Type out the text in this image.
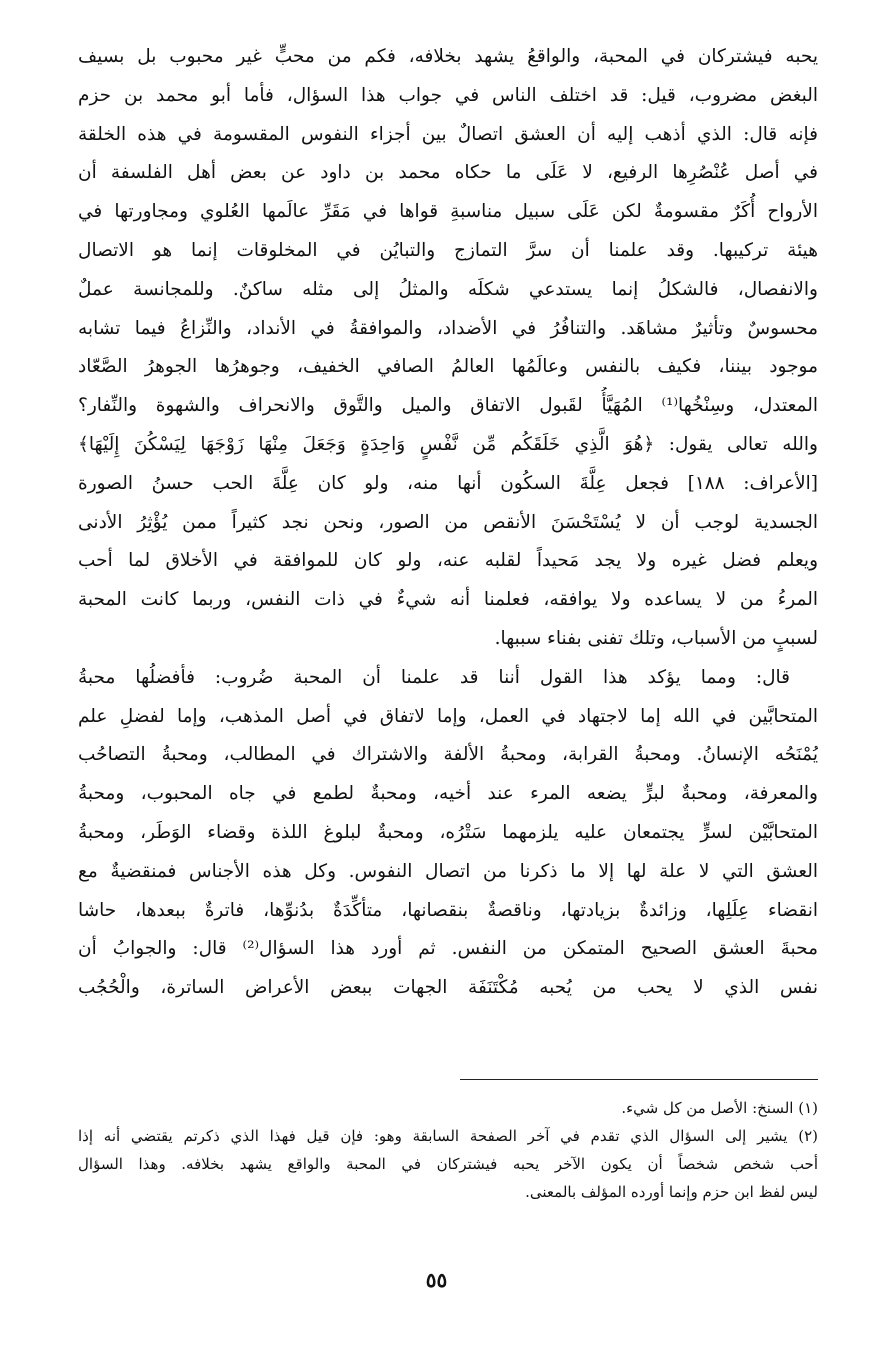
يحبه فيشتركان في المحبة، والواقعُ يشهد بخلافه، فكم من محبٍّ غير محبوب بل بسيف
البغض مضروب، قيل: قد اختلف الناس في جواب هذا السؤال، فأما أبو محمد بن حزم
فإنه قال: الذي أذهب إليه أن العشق اتصالٌ بين أجزاء النفوس المقسومة في هذه الخلقة
في أصل عُنْصُرِها الرفيع، لا عَلَى ما حكاه محمد بن داود عن بعض أهل الفلسفة أن
الأرواح أُكَرٌ مقسومةٌ لكن عَلَى سبيل مناسبةِ قواها في مَقَرِّ عالَمها العُلوي ومجاورتها في
هيئة تركيبها. وقد علمنا أن سرَّ التمازج والتبايُن في المخلوقات إنما هو الاتصال
والانفصال، فالشكلُ إنما يستدعي شكلَه والمثلُ إلى مثله ساكنٌ. وللمجانسة عملٌ
محسوسٌ وتأثيرٌ مشاهَد. والتنافُرُ في الأضداد، والموافقةُ في الأنداد، والنِّزاعُ فيما تشابه
موجود بيننا، فكيف بالنفس وعالَمُها العالمُ الصافي الخفيف، وجوهرُها الجوهرُ الصَّعّاد
المعتدل، وسِنْخُها⁽¹⁾ المُهَيَّأُ لقَبول الاتفاق والميل والتَّوق والانحراف والشهوة والنِّفار؟
والله تعالى يقول: ﴿هُوَ الَّذِي خَلَقَكُم مِّن نَّفْسٍ وَاحِدَةٍ وَجَعَلَ مِنْهَا زَوْجَهَا لِيَسْكُنَ إِلَيْهَا﴾
[الأعراف: ١٨٨] فجعل عِلَّةَ السكُون أنها منه، ولو كان عِلَّةَ الحب حسنُ الصورة
الجسدية لوجب أن لا يُسْتَحْسَنَ الأنقص من الصور، ونحن نجد كثيراً ممن يُؤْثِرُ الأدنى
ويعلم فضل غيره ولا يجد مَحيداً لقلبه عنه، ولو كان للموافقة في الأخلاق لما أحب
المرءُ من لا يساعده ولا يوافقه، فعلمنا أنه شيءٌ في ذات النفس، وربما كانت المحبة
لسببٍ من الأسباب، وتلك تفنى بفناء سببها.
قال: ومما يؤكد هذا القول أننا قد علمنا أن المحبة ضُروب: فأفضلُها محبةُ
المتحابَّين في الله إما لاجتهاد في العمل، وإما لاتفاق في أصل المذهب، وإما لفضلِ علم
يُمْنَحُه الإنسانُ. ومحبةُ القرابة، ومحبةُ الألفة والاشتراك في المطالب، ومحبةُ التصاحُب
والمعرفة، ومحبةٌ لبرٍّ يضعه المرء عند أخيه، ومحبةٌ لطمع في جاه المحبوب، ومحبةُ
المتحابَّيْن لسرٍّ يجتمعان عليه يلزمهما سَتْرُه، ومحبةٌ لبلوغ اللذة وقضاء الوَطَر، ومحبةُ
العشق التي لا علة لها إلا ما ذكرنا من اتصال النفوس. وكل هذه الأجناس فمنقضيةٌ مع
انقضاء عِلَلِها، وزائدةٌ بزيادتها، وناقصةٌ بنقصانها، متأكِّدَةٌ بدُنوِّها، فاترةٌ ببعدها، حاشا
محبةَ العشق الصحيح المتمكن من النفس. ثم أورد هذا السؤال⁽²⁾ قال: والجوابُ أن
نفس الذي لا يحب من يُحبه مُكْتَنَفَة الجهات ببعض الأعراض الساترة، والْحُجُب
(١) السنخ: الأصل من كل شيء.
(٢) يشير إلى السؤال الذي تقدم في آخر الصفحة السابقة وهو: فإن قيل فهذا الذي ذكرتم يقتضي أنه إذا
أحب شخص شخصاً أن يكون الآخر يحبه فيشتركان في المحبة والواقع يشهد بخلافه. وهذا السؤال
ليس لفظ ابن حزم وإنما أورده المؤلف بالمعنى.
٥٥
